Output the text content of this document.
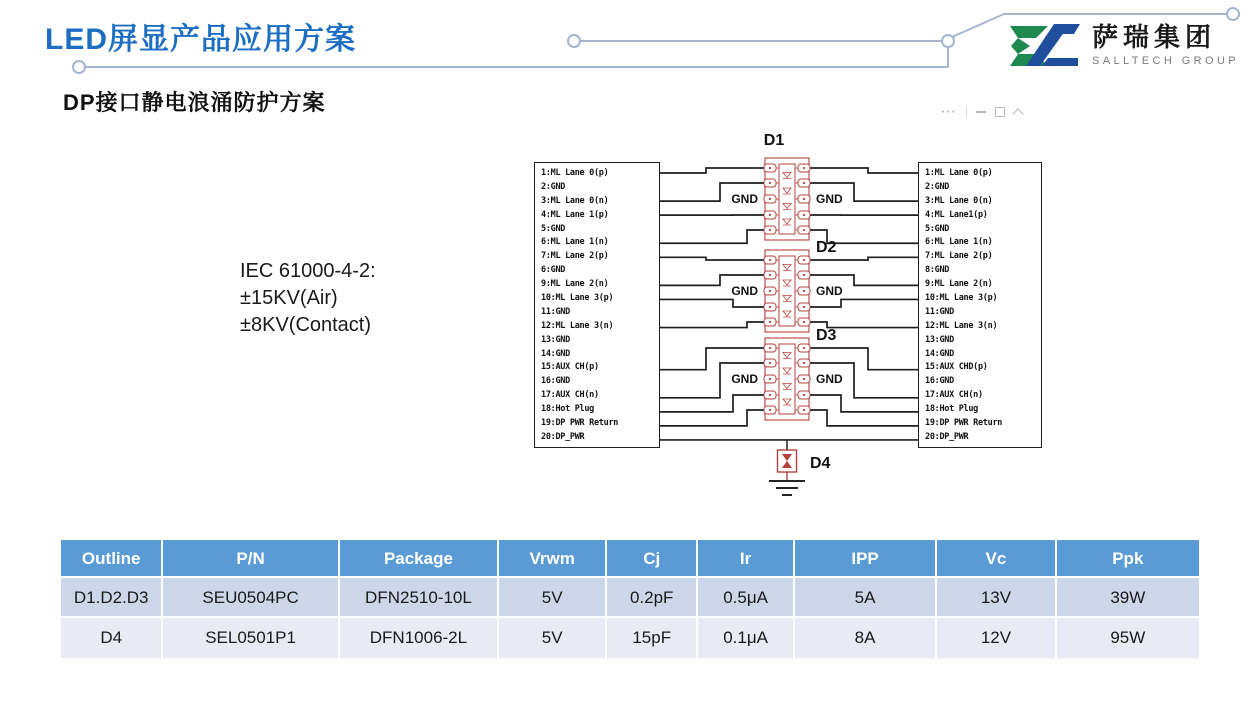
LED屏显产品应用方案	萨瑞集团
SALLTECH GROUP
DP接口静电浪涌防护方案	···
IEC 61000-4-2:
±15KV(Air)
±8KV(Contact)
1:ML Lane 0(p)
2:GND
3:ML Lane 0(n)
4:ML Lane 1(p)
5:GND
6:ML Lane 1(n)
7:ML Lane 2(p)
6:GND
9:ML Lane 2(n)
10:ML Lane 3(p)
11:GND
12:ML Lane 3(n)
13:GND
14:GND
15:AUX CH(p)
16:GND
17:AUX CH(n)
18:Hot Plug
19:DP PWR Return
20:DP_PWR
1:ML Lane 0(p)
2:GND
3:ML Lane 0(n)
4:ML Lane1(p)
5:GND
6:ML Lane 1(n)
7:ML Lane 2(p)
8:GND
9:ML Lane 2(n)
10:ML Lane 3(p)
11:GND
12:ML Lane 3(n)
13:GND
14:GND
15:AUX CHD(p)
16:GND
17:AUX CH(n)
18:Hot Plug
19:DP PWR Return
20:DP_PWR
GND	GND
D1
GND	GND
D2
GND	GND
D3
D4
Outline	P/N	Package	Vrwm	Cj	Ir	IPP	Vc	Ppk
D1.D2.D3	SEU0504PC	DFN2510-10L	5V	0.2pF	0.5μA	5A	13V	39W
D4	SEL0501P1	DFN1006-2L	5V	15pF	0.1μA	8A	12V	95W
